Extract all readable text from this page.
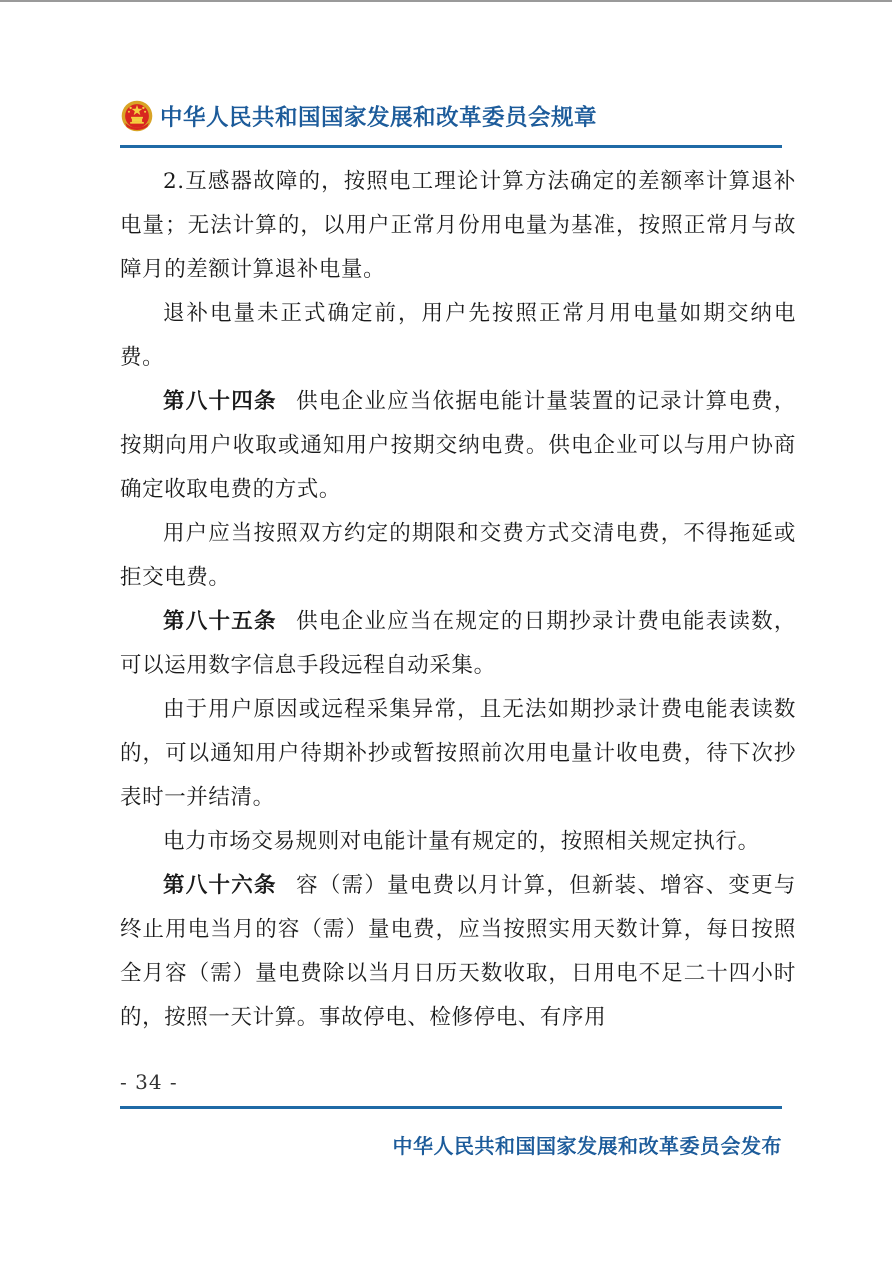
中华人民共和国国家发展和改革委员会规章

2.互感器故障的，按照电工理论计算方法确定的差额率计算退补电量；无法计算的，以用户正常月份用电量为基准，按照正常月与故障月的差额计算退补电量。

退补电量未正式确定前，用户先按照正常月用电量如期交纳电费。

第八十四条 供电企业应当依据电能计量装置的记录计算电费，按期向用户收取或通知用户按期交纳电费。供电企业可以与用户协商确定收取电费的方式。

用户应当按照双方约定的期限和交费方式交清电费，不得拖延或拒交电费。

第八十五条 供电企业应当在规定的日期抄录计费电能表读数，可以运用数字信息手段远程自动采集。

由于用户原因或远程采集异常，且无法如期抄录计费电能表读数的，可以通知用户待期补抄或暂按照前次用电量计收电费，待下次抄表时一并结清。

电力市场交易规则对电能计量有规定的，按照相关规定执行。

第八十六条 容（需）量电费以月计算，但新装、增容、变更与终止用电当月的容（需）量电费，应当按照实用天数计算，每日按照全月容（需）量电费除以当月日历天数收取，日用电不足二十四小时的，按照一天计算。事故停电、检修停电、有序用

- 34 -
中华人民共和国国家发展和改革委员会发布
